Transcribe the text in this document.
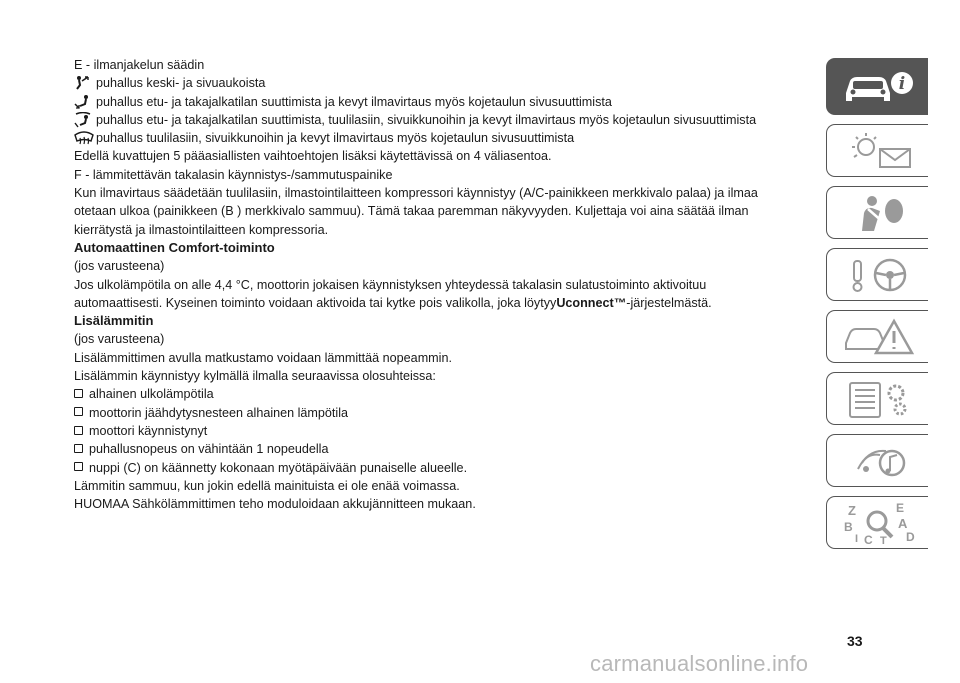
E - ilmanjakelun säädin
puhallus keski- ja sivuaukoista
puhallus etu- ja takajalkatilan suuttimista ja kevyt ilmavirtaus myös kojetaulun sivusuuttimista
puhallus etu- ja takajalkatilan suuttimista, tuulilasiin, sivuikkunoihin ja kevyt ilmavirtaus myös kojetaulun sivusuuttimista
puhallus tuulilasiin, sivuikkunoihin ja kevyt ilmavirtaus myös kojetaulun sivusuuttimista
Edellä kuvattujen 5 pääasiallisten vaihtoehtojen lisäksi käytettävissä on 4 väliasentoa.
F - lämmitettävän takalasin käynnistys-/sammutuspainike
Kun ilmavirtaus säädetään tuulilasiin, ilmastointilaitteen kompressori käynnistyy (A/C-painikkeen merkkivalo palaa) ja ilmaa
otetaan ulkoa (painikkeen (B ) merkkivalo sammuu). Tämä takaa paremman näkyvyyden. Kuljettaja voi aina säätää ilman
kierrätystä ja ilmastointilaitteen kompressoria.
Automaattinen Comfort-toiminto
(jos varusteena)
Jos ulkolämpötila on alle 4,4 °C, moottorin jokaisen käynnistyksen yhteydessä takalasin sulatustoiminto aktivoituu
automaattisesti. Kyseinen toiminto voidaan aktivoida tai kytke pois valikolla, joka löytyy Uconnect™ -järjestelmästä.
Lisälämmitin
(jos varusteena)
Lisälämmittimen avulla matkustamo voidaan lämmittää nopeammin.
Lisälämmin käynnistyy kylmällä ilmalla seuraavissa olosuhteissa:
alhainen ulkolämpötila
moottorin jäähdytysnesteen alhainen lämpötila
moottori käynnistynyt
puhallusnopeus on vähintään 1 nopeudella
nuppi (C) on käännetty kokonaan myötäpäivään punaiselle alueelle.
Lämmitin sammuu, kun jokin edellä mainituista ei ole enää voimassa.
HUOMAA Sähkölämmittimen teho moduloidaan akkujännitteen mukaan.
i
Z	E
B	A
D
C T
I
33
carmanualsonline.info
